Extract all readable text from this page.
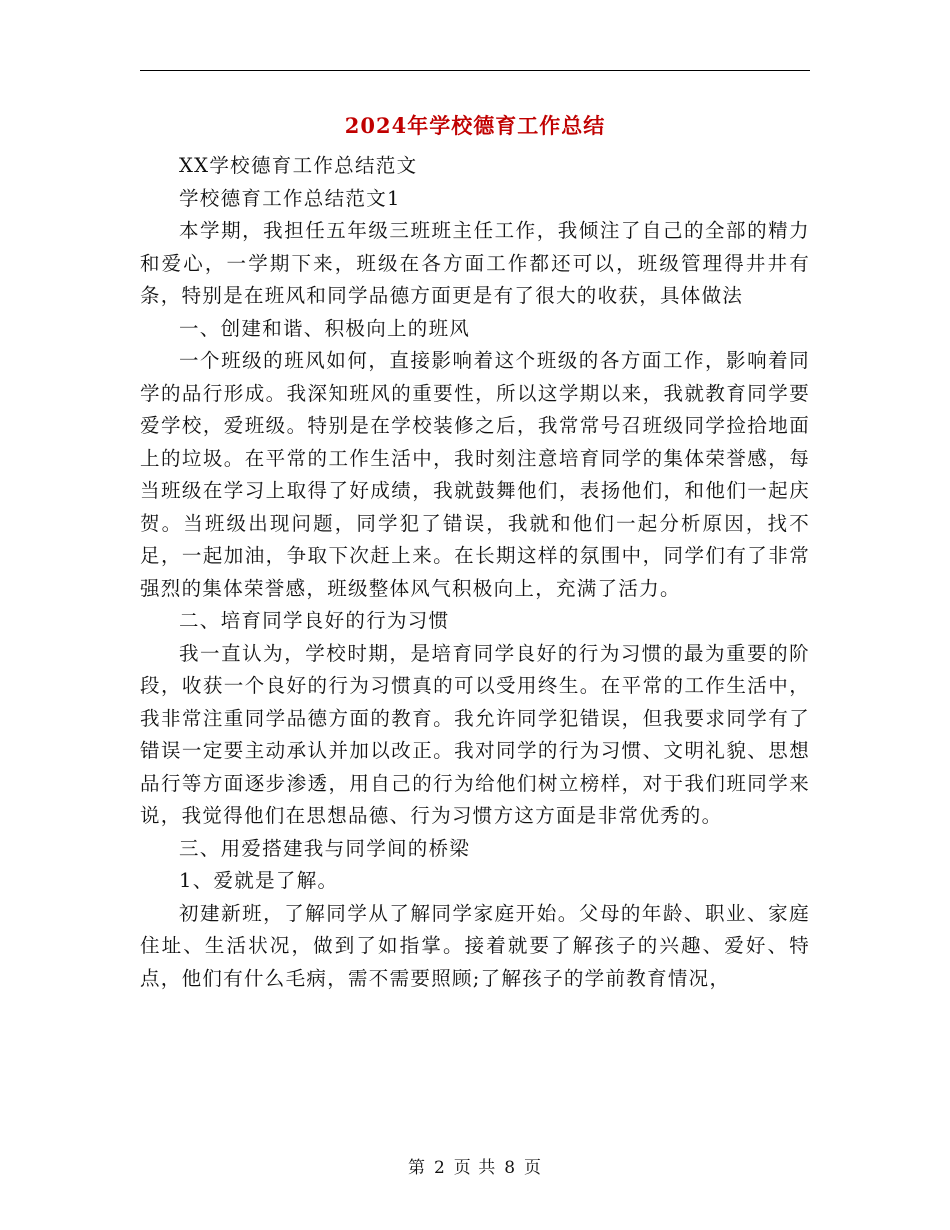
2024年学校德育工作总结

XX学校德育工作总结范文

学校德育工作总结范文1

本学期，我担任五年级三班班主任工作，我倾注了自己的全部的精力和爱心，一学期下来，班级在各方面工作都还可以，班级管理得井井有条，特别是在班风和同学品德方面更是有了很大的收获，具体做法

一、创建和谐、积极向上的班风

一个班级的班风如何，直接影响着这个班级的各方面工作，影响着同学的品行形成。我深知班风的重要性，所以这学期以来，我就教育同学要爱学校，爱班级。特别是在学校装修之后，我常常号召班级同学捡拾地面上的垃圾。在平常的工作生活中，我时刻注意培育同学的集体荣誉感，每当班级在学习上取得了好成绩，我就鼓舞他们，表扬他们，和他们一起庆贺。当班级出现问题，同学犯了错误，我就和他们一起分析原因，找不足，一起加油，争取下次赶上来。在长期这样的氛围中，同学们有了非常强烈的集体荣誉感，班级整体风气积极向上，充满了活力。

二、培育同学良好的行为习惯

我一直认为，学校时期，是培育同学良好的行为习惯的最为重要的阶段，收获一个良好的行为习惯真的可以受用终生。在平常的工作生活中，我非常注重同学品德方面的教育。我允许同学犯错误，但我要求同学有了错误一定要主动承认并加以改正。我对同学的行为习惯、文明礼貌、思想品行等方面逐步渗透，用自己的行为给他们树立榜样，对于我们班同学来说，我觉得他们在思想品德、行为习惯方这方面是非常优秀的。

三、用爱搭建我与同学间的桥梁

1、爱就是了解。

初建新班，了解同学从了解同学家庭开始。父母的年龄、职业、家庭住址、生活状况，做到了如指掌。接着就要了解孩子的兴趣、爱好、特点，他们有什么毛病，需不需要照顾;了解孩子的学前教育情况，

第 2 页 共 8 页
